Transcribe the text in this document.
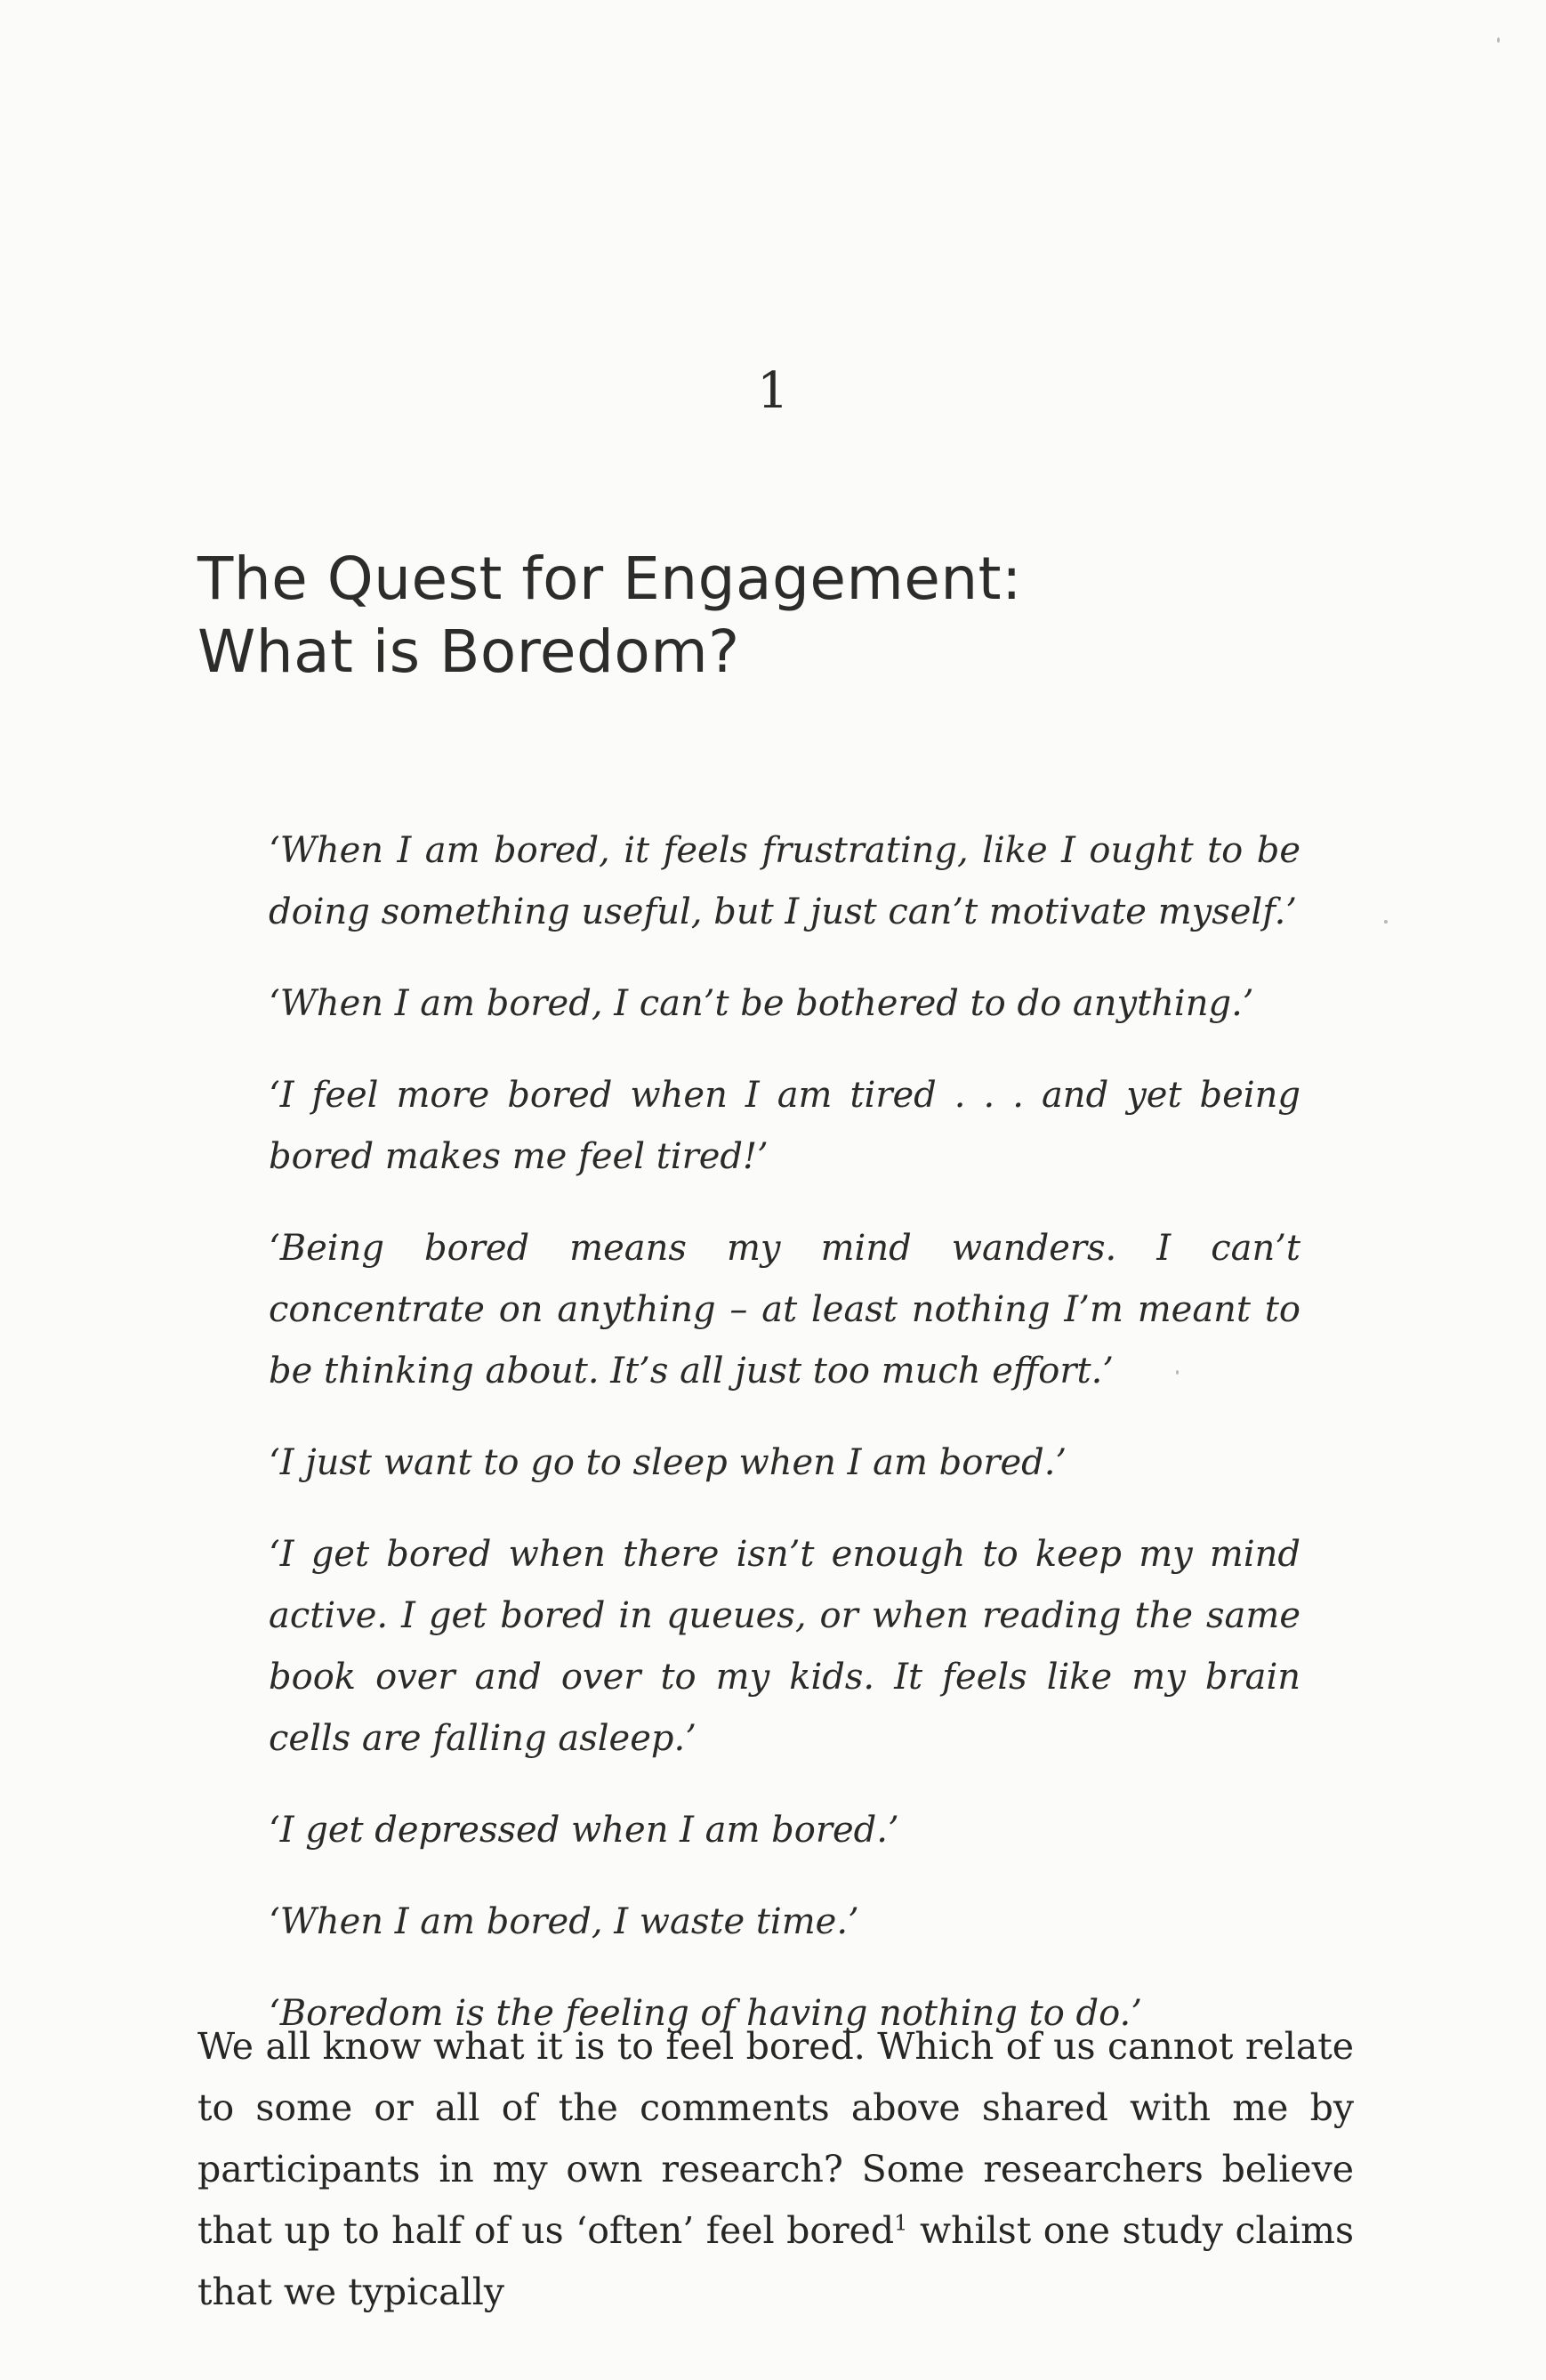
1
The Quest for Engagement:
What is Boredom?

‘When I am bored, it feels frustrating, like I ought to be doing something useful, but I just can’t motivate myself.’

‘When I am bored, I can’t be bothered to do anything.’

‘I feel more bored when I am tired . . . and yet being bored makes me feel tired!’

‘Being bored means my mind wanders. I can’t concentrate on anything – at least nothing I’m meant to be thinking about. It’s all just too much effort.’

‘I just want to go to sleep when I am bored.’

‘I get bored when there isn’t enough to keep my mind active. I get bored in queues, or when reading the same book over and over to my kids. It feels like my brain cells are falling asleep.’

‘I get depressed when I am bored.’

‘When I am bored, I waste time.’

‘Boredom is the feeling of having nothing to do.’

We all know what it is to feel bored. Which of us cannot relate to some or all of the comments above shared with me by participants in my own research? Some researchers believe that up to half of us ‘often’ feel bored$^1$ whilst one study claims that we typically
